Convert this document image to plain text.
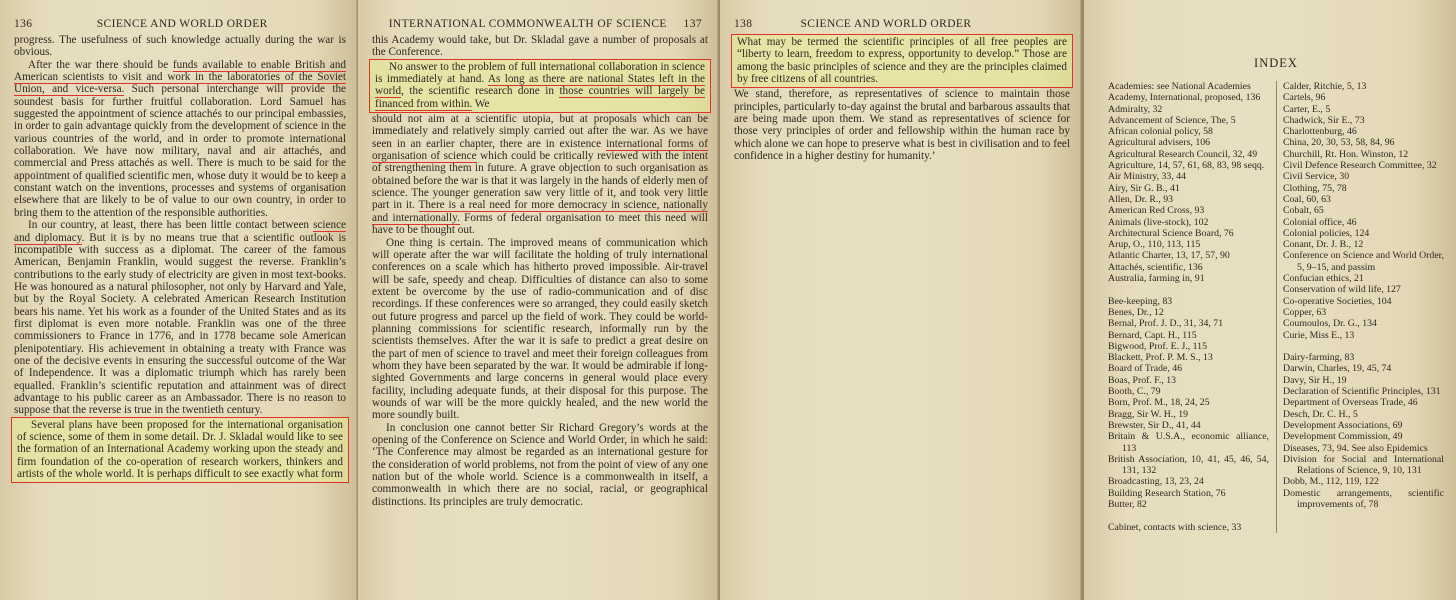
136	SCIENCE AND WORLD ORDER

progress. The usefulness of such knowledge actually during the war is obvious.

After the war there should be funds available to enable British and American scientists to visit and work in the laboratories of the Soviet Union, and vice-versa. Such personal interchange will provide the soundest basis for further fruitful collaboration. Lord Samuel has suggested the appointment of science attachés to our principal embassies, in order to gain advantage quickly from the development of science in the various countries of the world, and in order to promote international collaboration. We have now military, naval and air attachés, and commercial and Press attachés as well. There is much to be said for the appointment of qualified scientific men, whose duty it would be to keep a constant watch on the inventions, processes and systems of organisation elsewhere that are likely to be of value to our own country, in order to bring them to the attention of the responsible authorities.

In our country, at least, there has been little contact between science and diplomacy. But it is by no means true that a scientific outlook is incompatible with success as a diplomat. The career of the famous American, Benjamin Franklin, would suggest the reverse. Franklin’s contributions to the early study of electricity are given in most text-books. He was honoured as a natural philosopher, not only by Harvard and Yale, but by the Royal Society. A celebrated American Research Institution bears his name. Yet his work as a founder of the United States and as its first diplomat is even more notable. Franklin was one of the three commissioners to France in 1776, and in 1778 became sole American plenipotentiary. His achievement in obtaining a treaty with France was one of the decisive events in ensuring the successful outcome of the War of Independence. It was a diplomatic triumph which has rarely been equalled. Franklin’s scientific reputation and attainment was of direct advantage to his public career as an Ambassador. There is no reason to suppose that the reverse is true in the twentieth century.

Several plans have been proposed for the international organisation of science, some of them in some detail. Dr. J. Skladal would like to see the formation of an International Academy working upon the steady and firm foundation of the co-operation of research workers, thinkers and artists of the whole world. It is perhaps difficult to see exactly what form

INTERNATIONAL COMMONWEALTH OF SCIENCE	137

this Academy would take, but Dr. Skladal gave a number of proposals at the Conference.

No answer to the problem of full international collaboration in science is immediately at hand. As long as there are national States left in the world, the scientific research done in those countries will largely be financed from within. We

should not aim at a scientific utopia, but at proposals which can be immediately and relatively simply carried out after the war. As we have seen in an earlier chapter, there are in existence international forms of organisation of science which could be critically reviewed with the intent of strengthening them in future. A grave objection to such organisation as obtained before the war is that it was largely in the hands of elderly men of science. The younger generation saw very little of it, and took very little part in it. There is a real need for more democracy in science, nationally and internationally. Forms of federal organisation to meet this need will have to be thought out.

One thing is certain. The improved means of communication which will operate after the war will facilitate the holding of truly international conferences on a scale which has hitherto proved impossible. Air-travel will be safe, speedy and cheap. Difficulties of distance can also to some extent be overcome by the use of radio-communication and of disc recordings. If these conferences were so arranged, they could easily sketch out future progress and parcel up the field of work. They could be world-planning commissions for scientific research, informally run by the scientists themselves. After the war it is safe to predict a great desire on the part of men of science to travel and meet their foreign colleagues from whom they have been separated by the war. It would be admirable if long-sighted Governments and large concerns in general would place every facility, including adequate funds, at their disposal for this purpose. The wounds of war will be the more quickly healed, and the new world the more soundly built.

In conclusion one cannot better Sir Richard Gregory’s words at the opening of the Conference on Science and World Order, in which he said: ‘The Conference may almost be regarded as an international gesture for the consideration of world problems, not from the point of view of any one nation but of the whole world. Science is a commonwealth in itself, a commonwealth in which there are no social, racial, or geographical distinctions. Its principles are truly democratic.

138	SCIENCE AND WORLD ORDER

What may be termed the scientific principles of all free peoples are “liberty to learn, freedom to express, opportunity to develop.” Those are among the basic principles of science and they are the principles claimed by free citizens of all countries.

We stand, therefore, as representatives of science to maintain those principles, particularly to-day against the brutal and barbarous assaults that are being made upon them. We stand as representatives of science for those very principles of order and fellowship within the human race by which alone we can hope to preserve what is best in civilisation and to feel confidence in a higher destiny for humanity.’

INDEX
Academies: see National Academies
Academy, International, proposed, 136
Admiralty, 32
Advancement of Science, The, 5
African colonial policy, 58
Agricultural advisers, 106
Agricultural Research Council, 32, 49
Agriculture, 14, 57, 61, 68, 83, 98 seqq.
Air Ministry, 33, 44
Airy, Sir G. B., 41
Allen, Dr. R., 93
American Red Cross, 93
Animals (live-stock), 102
Architectural Science Board, 76
Arup, O., 110, 113, 115
Atlantic Charter, 13, 17, 57, 90
Attachés, scientific, 136
Australia, farming in, 91
Bee-keeping, 83
Benes, Dr., 12
Bernal, Prof. J. D., 31, 34, 71
Bernard, Capt. H., 115
Bigwood, Prof. E. J., 115
Blackett, Prof. P. M. S., 13
Board of Trade, 46
Boas, Prof. F., 13
Booth, C., 79
Born, Prof. M., 18, 24, 25
Bragg, Sir W. H., 19
Brewster, Sir D., 41, 44
Britain & U.S.A., economic alliance, 113
British Association, 10, 41, 45, 46, 54, 131, 132
Broadcasting, 13, 23, 24
Building Research Station, 76
Butter, 82
Cabinet, contacts with science, 33
Calder, Ritchie, 5, 13
Cartels, 96
Carter, E., 5
Chadwick, Sir E., 73
Charlottenburg, 46
China, 20, 30, 53, 58, 84, 96
Churchill, Rt. Hon. Winston, 12
Civil Defence Research Committee, 32
Civil Service, 30
Clothing, 75, 78
Coal, 60, 63
Cobalt, 65
Colonial office, 46
Colonial policies, 124
Conant, Dr. J. B., 12
Conference on Science and World Order, 5, 9–15, and passim
Confucian ethics, 21
Conservation of wild life, 127
Co-operative Societies, 104
Copper, 63
Coumoulos, Dr. G., 134
Curie, Miss E., 13
Dairy-farming, 83
Darwin, Charles, 19, 45, 74
Davy, Sir H., 19
Declaration of Scientific Principles, 131
Department of Overseas Trade, 46
Desch, Dr. C. H., 5
Development Associations, 69
Development Commission, 49
Diseases, 73, 94. See also Epidemics
Division for Social and International Relations of Science, 9, 10, 131
Dobb, M., 112, 119, 122
Domestic arrangements, scientific improvements of, 78
